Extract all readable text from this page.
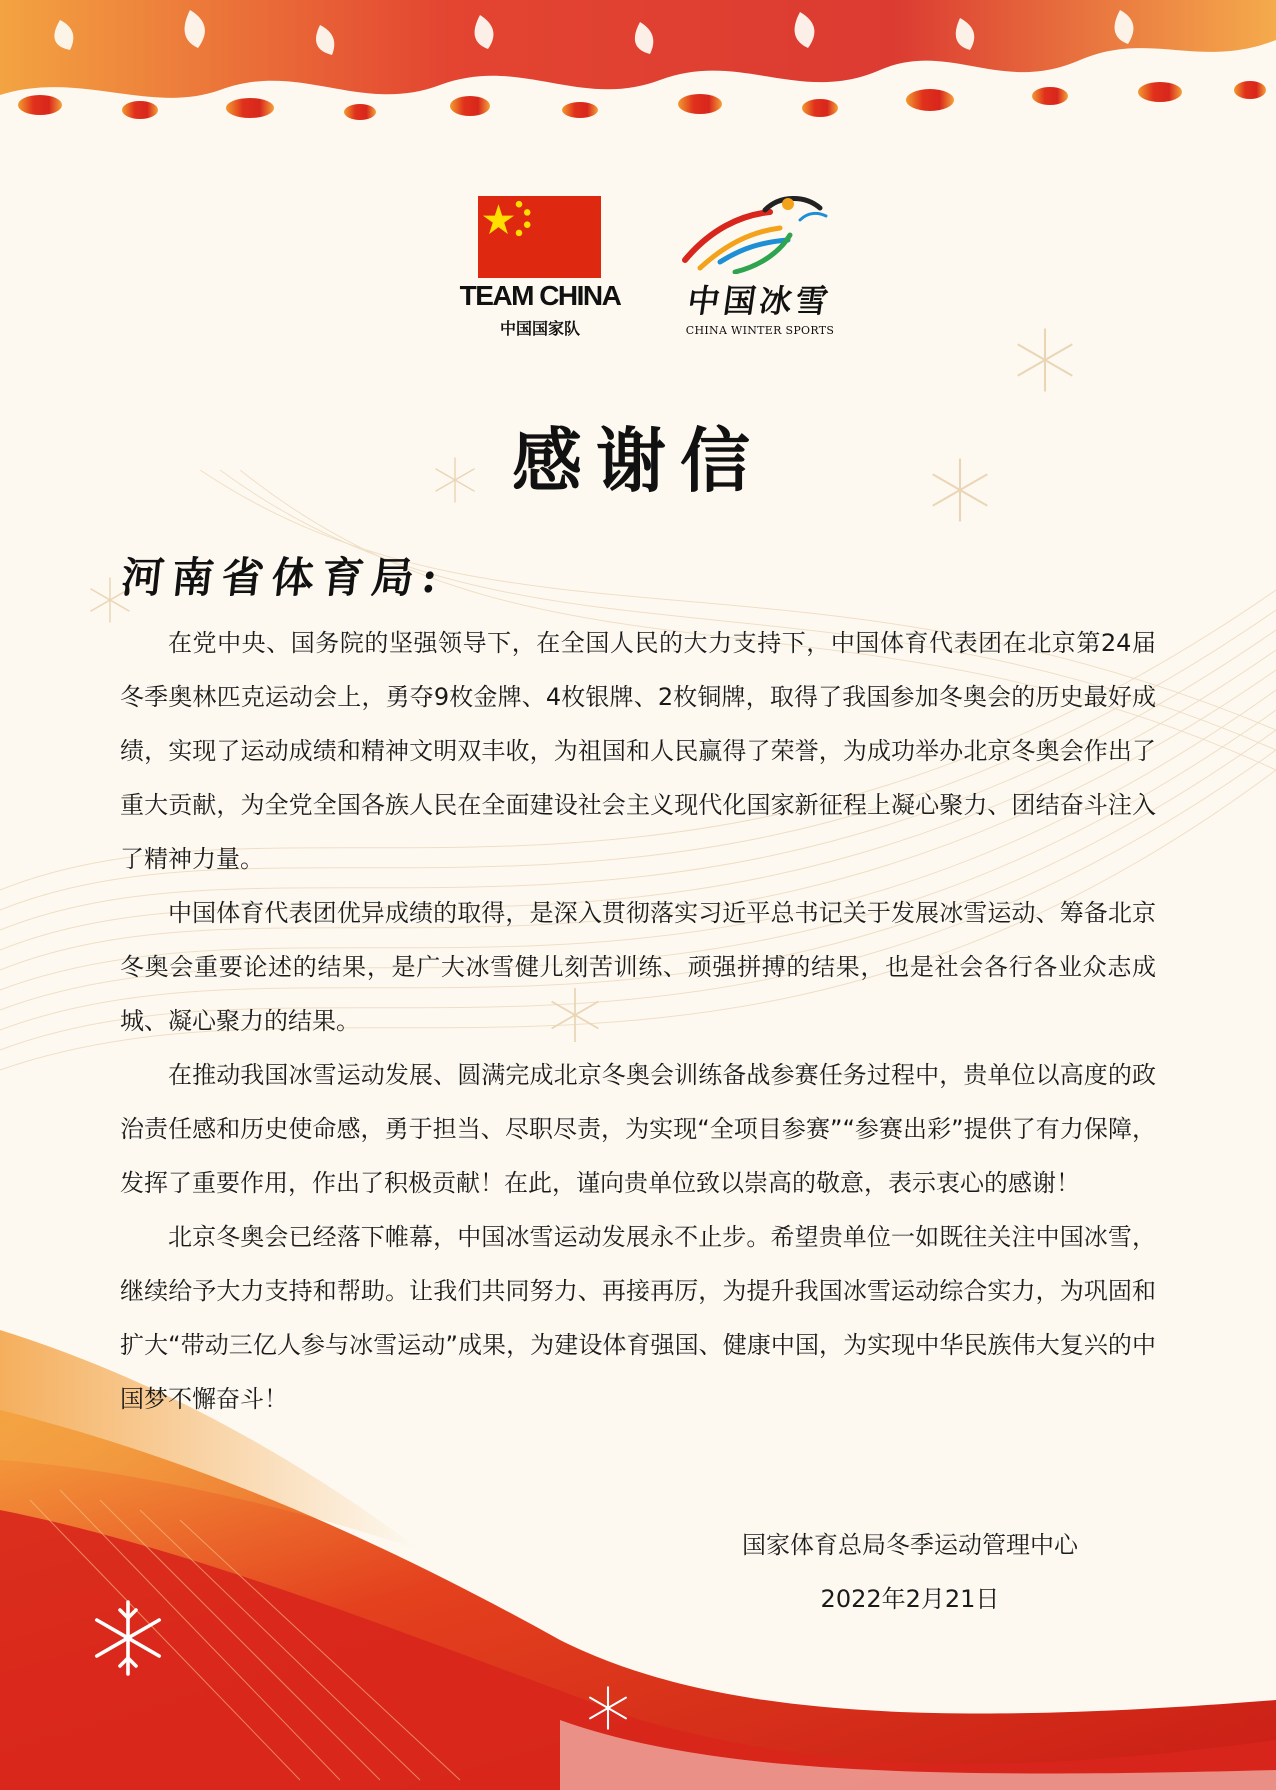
TEAM CHINA
中国国家队
中国冰雪
CHINA WINTER SPORTS
感谢信
河南省体育局:

在党中央、国务院的坚强领导下，在全国人民的大力支持下，中国体育代表团在北京第24届冬季奥林匹克运动会上，勇夺9枚金牌、4枚银牌、2枚铜牌，取得了我国参加冬奥会的历史最好成绩，实现了运动成绩和精神文明双丰收，为祖国和人民赢得了荣誉，为成功举办北京冬奥会作出了重大贡献，为全党全国各族人民在全面建设社会主义现代化国家新征程上凝心聚力、团结奋斗注入了精神力量。

中国体育代表团优异成绩的取得，是深入贯彻落实习近平总书记关于发展冰雪运动、筹备北京冬奥会重要论述的结果，是广大冰雪健儿刻苦训练、顽强拼搏的结果，也是社会各行各业众志成城、凝心聚力的结果。

在推动我国冰雪运动发展、圆满完成北京冬奥会训练备战参赛任务过程中，贵单位以高度的政治责任感和历史使命感，勇于担当、尽职尽责，为实现“全项目参赛”“参赛出彩”提供了有力保障，发挥了重要作用，作出了积极贡献！在此，谨向贵单位致以崇高的敬意，表示衷心的感谢！

北京冬奥会已经落下帷幕，中国冰雪运动发展永不止步。希望贵单位一如既往关注中国冰雪，继续给予大力支持和帮助。让我们共同努力、再接再厉，为提升我国冰雪运动综合实力，为巩固和扩大“带动三亿人参与冰雪运动”成果，为建设体育强国、健康中国，为实现中华民族伟大复兴的中国梦不懈奋斗！

国家体育总局冬季运动管理中心
2022年2月21日
